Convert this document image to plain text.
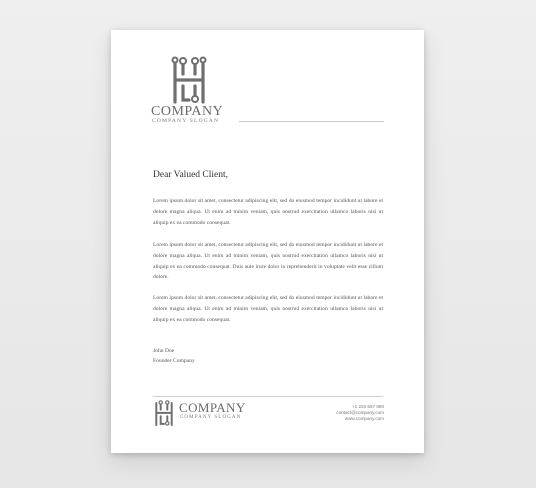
COMPANY
COMPANY SLOGAN
Dear Valued Client,
Lorem ipsum dolor sit amet, consectetur adipiscing elit, sed do eiusmod tempor incididunt ut labore et dolore magna aliqua. Ut enim ad minim veniam, quis nostrud exercitation ullamco laboris nisi ut aliquip ex ea commodo consequat.
Lorem ipsum dolor sit amet, consectetur adipiscing elit, sed do eiusmod tempor incididunt ut labore et dolore magna aliqua. Ut enim ad minim veniam, quis nostrud exercitation ullamco laboris nisi ut aliquip ex ea commodo consequat. Duis aute irure dolor in reprehenderit in voluptate velit esse cillum dolore.
Lorem ipsum dolor sit amet, consectetur adipiscing elit, sed do eiusmod tempor incididunt ut labore et dolore magna aliqua. Ut enim ad minim veniam, quis nostrud exercitation ullamco laboris nisi ut aliquip ex ea commodo consequat.
John Doe
Founder Company
COMPANY
COMPANY SLOGAN
+1 234 567 890
contact@company.com
www.company.com
